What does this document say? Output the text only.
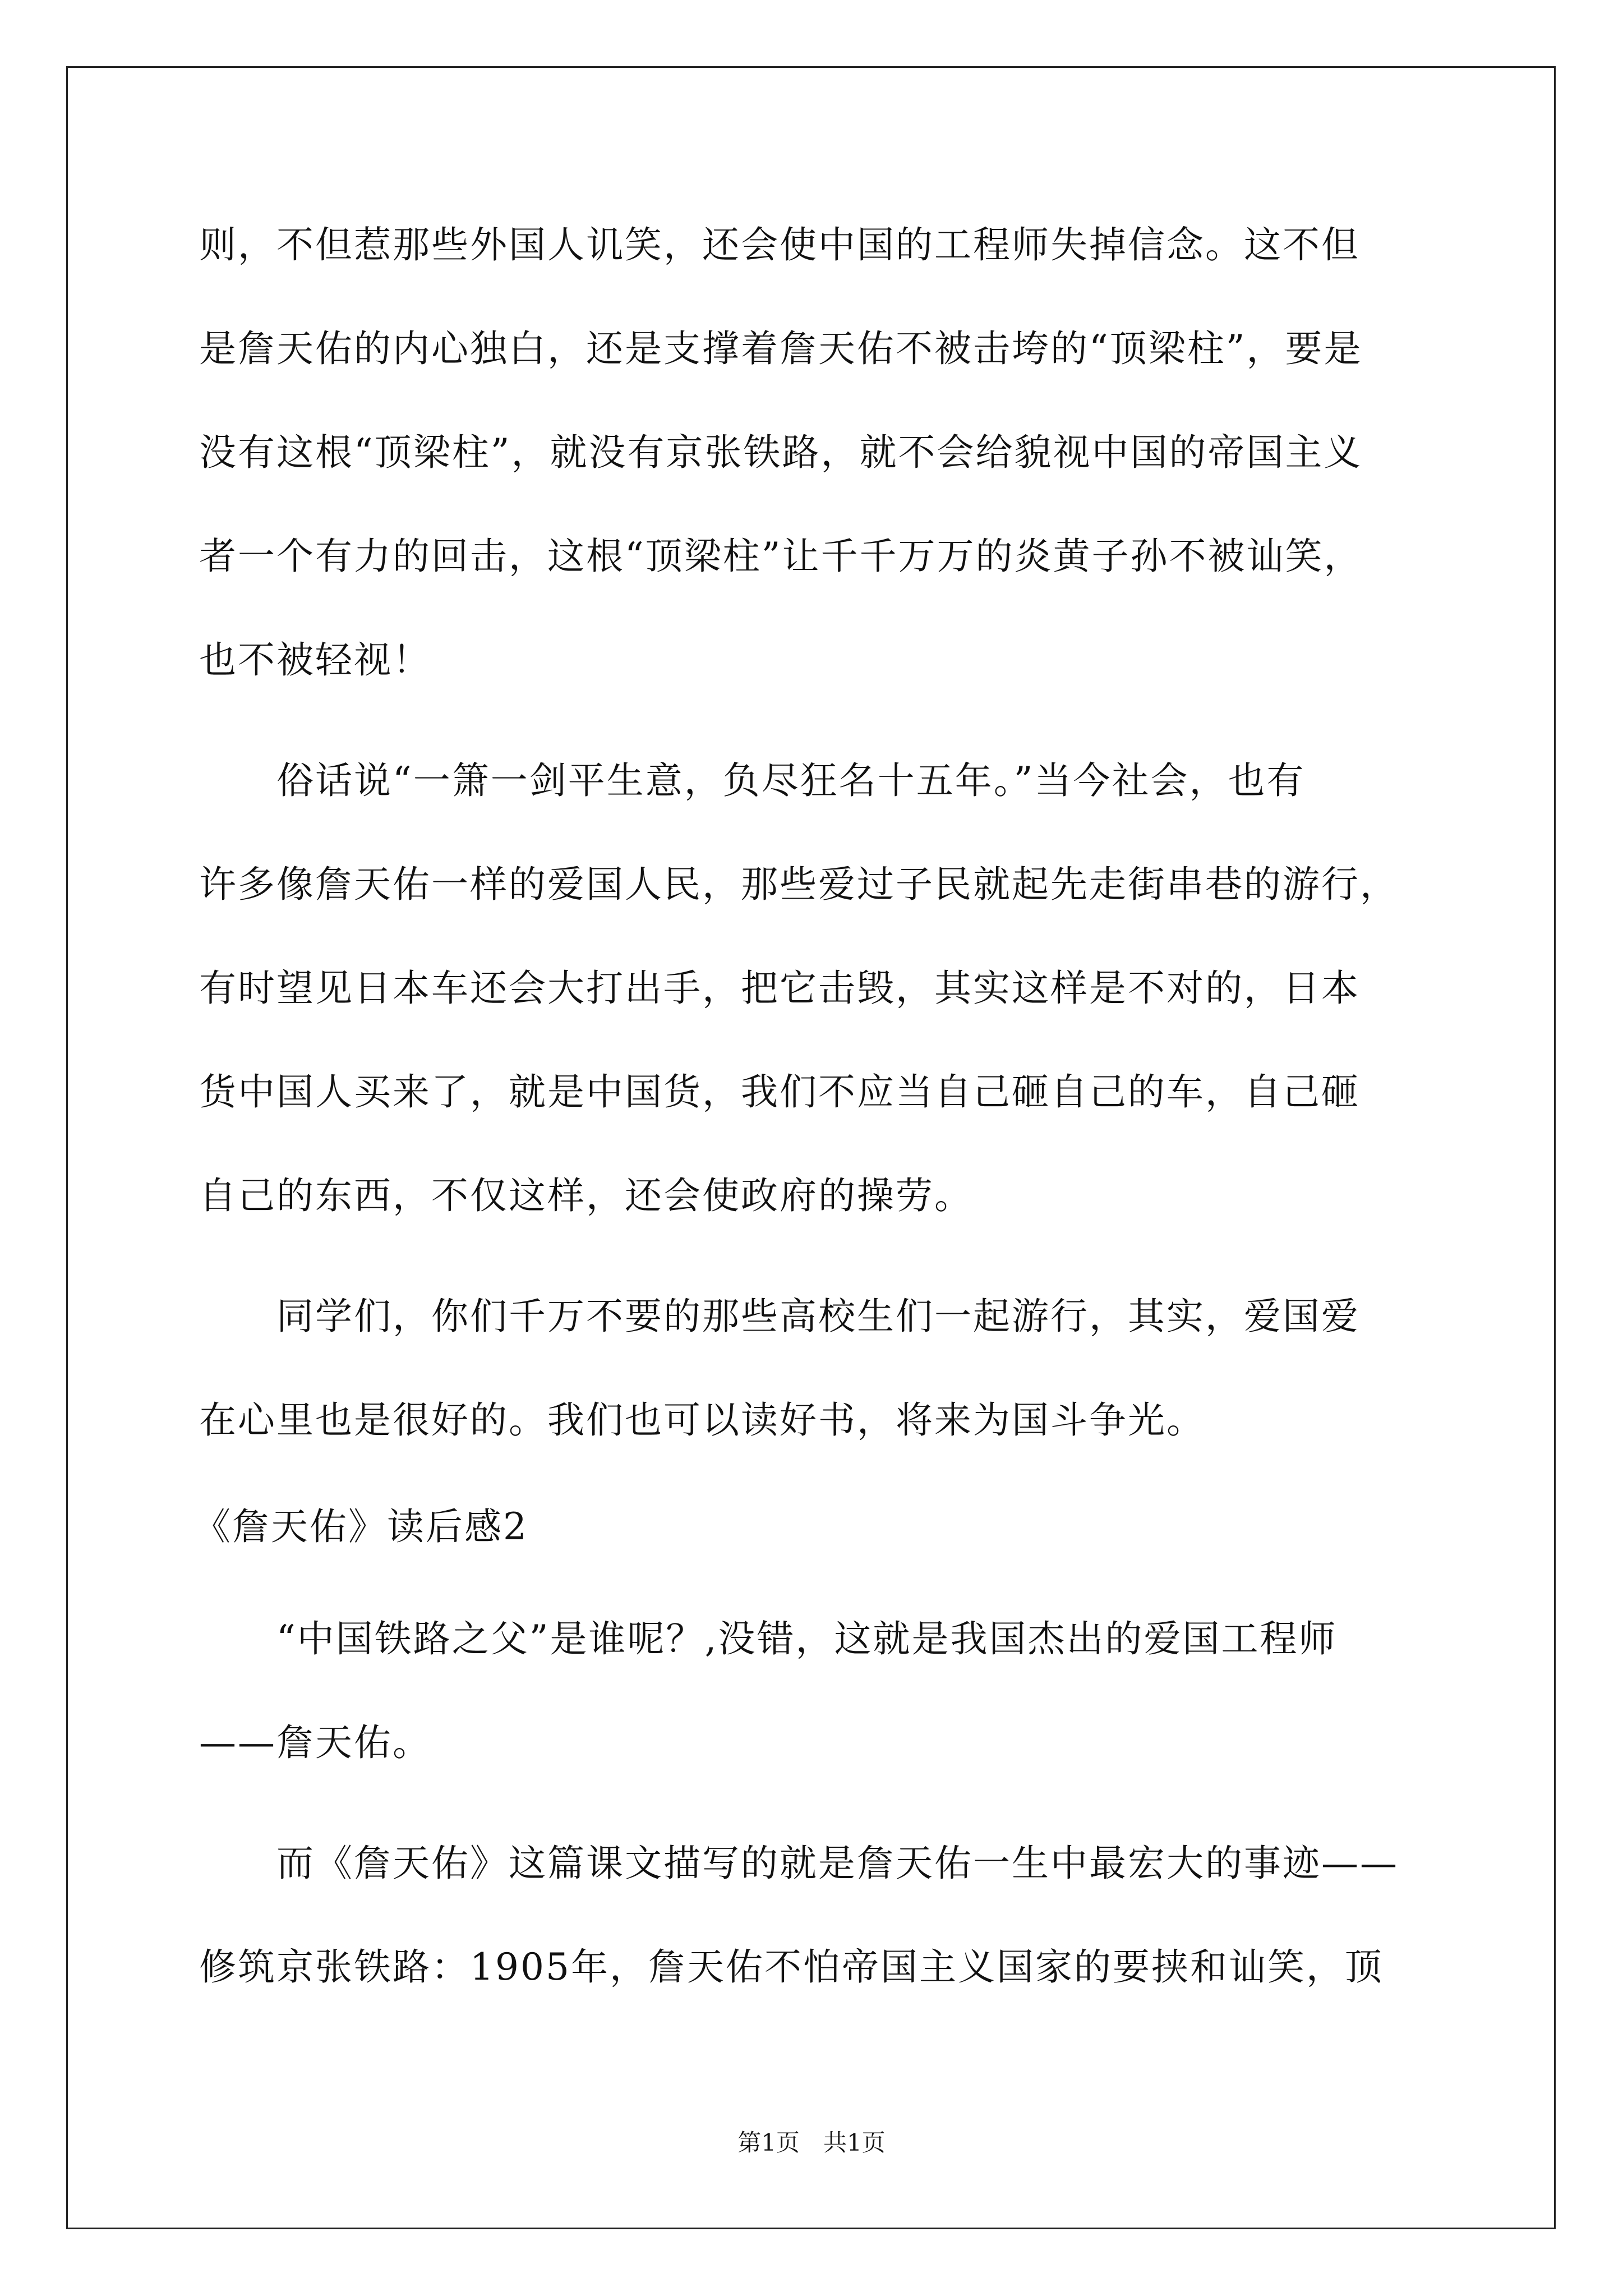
则，不但惹那些外国人讥笑，还会使中国的工程师失掉信念。这不但
是詹天佑的内心独白，还是支撑着詹天佑不被击垮的“顶梁柱”，要是
没有这根“顶梁柱”，就没有京张铁路，就不会给貌视中国的帝国主义
者一个有力的回击，这根“顶梁柱”让千千万万的炎黄子孙不被讪笑，
也不被轻视！
　　俗话说“一箫一剑平生意，负尽狂名十五年。”当今社会，也有
许多像詹天佑一样的爱国人民，那些爱过子民就起先走街串巷的游行，
有时望见日本车还会大打出手，把它击毁，其实这样是不对的，日本
货中国人买来了，就是中国货，我们不应当自己砸自己的车，自己砸
自己的东西，不仅这样，还会使政府的操劳。
　　同学们，你们千万不要的那些高校生们一起游行，其实，爱国爱
在心里也是很好的。我们也可以读好书，将来为国斗争光。
《詹天佑》读后感2
　　“中国铁路之父”是谁呢？,没错，这就是我国杰出的爱国工程师
——詹天佑。
　　而《詹天佑》这篇课文描写的就是詹天佑一生中最宏大的事迹——
修筑京张铁路：1905年，詹天佑不怕帝国主义国家的要挟和讪笑，顶
第1页　共1页
